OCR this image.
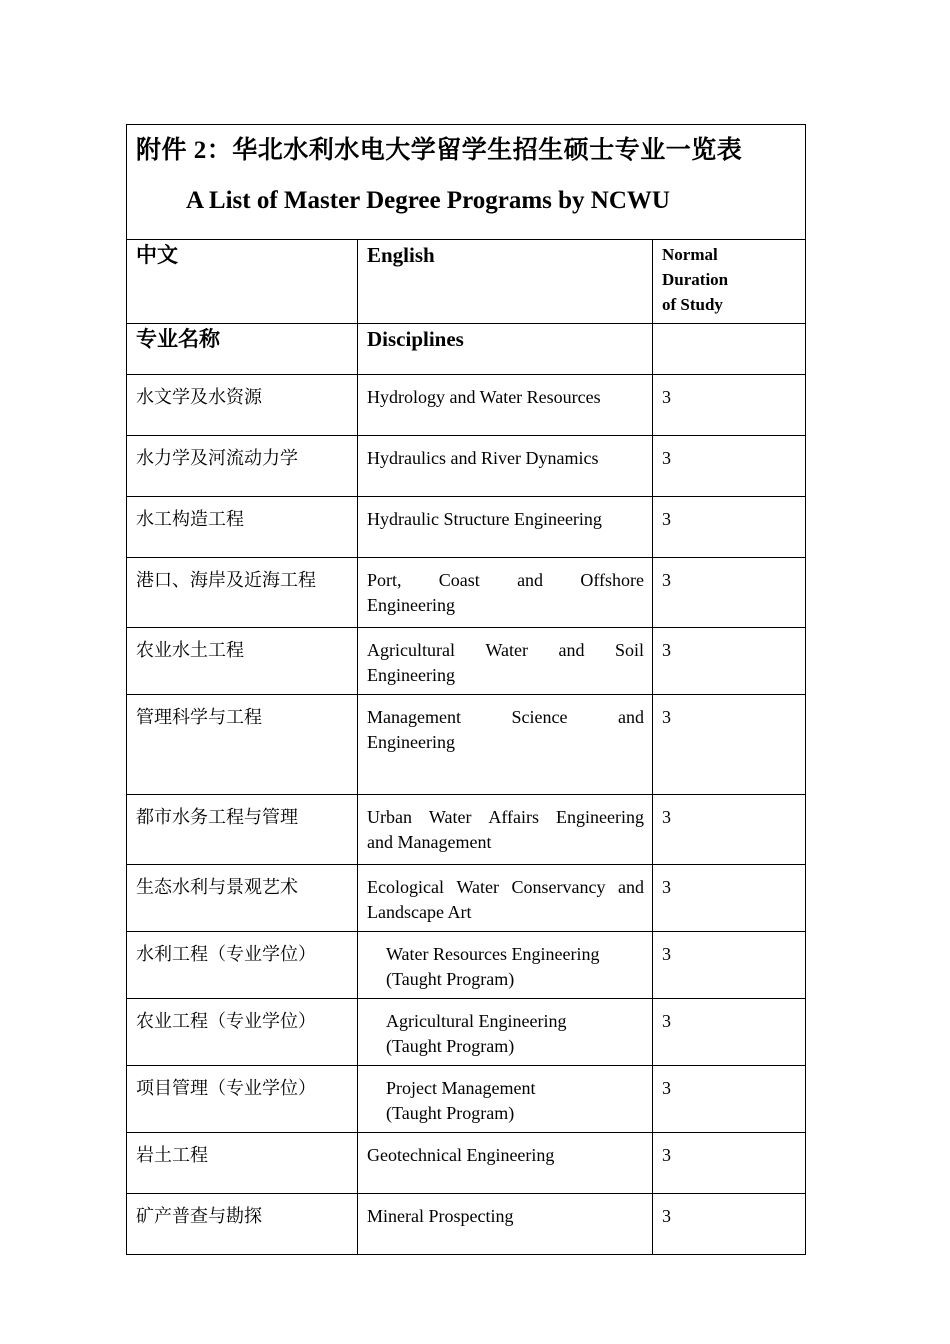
附件 2：华北水利水电大学留学生招生硕士专业一览表
A List of Master Degree Programs by NCWU		

中文	English	Normal
Duration
of Study

专业名称	Disciplines	
水文学及水资源	Hydrology and Water Resources	3
水力学及河流动力学	Hydraulics and River Dynamics	3
水工构造工程	Hydraulic Structure Engineering	3
港口、海岸及近海工程	Port, Coast and Offshore
Engineering	3
农业水土工程	Agricultural Water and Soil
Engineering	3
管理科学与工程	Management Science and
Engineering	3
都市水务工程与管理	Urban Water Affairs Engineering
and Management	3
生态水利与景观艺术	Ecological Water Conservancy and
Landscape Art	3
水利工程（专业学位）	Water Resources Engineering
(Taught Program)	3
农业工程（专业学位）	Agricultural Engineering
(Taught Program)	3
项目管理（专业学位）	Project Management
(Taught Program)	3
岩土工程	Geotechnical Engineering	3
矿产普查与勘探	Mineral Prospecting	3
